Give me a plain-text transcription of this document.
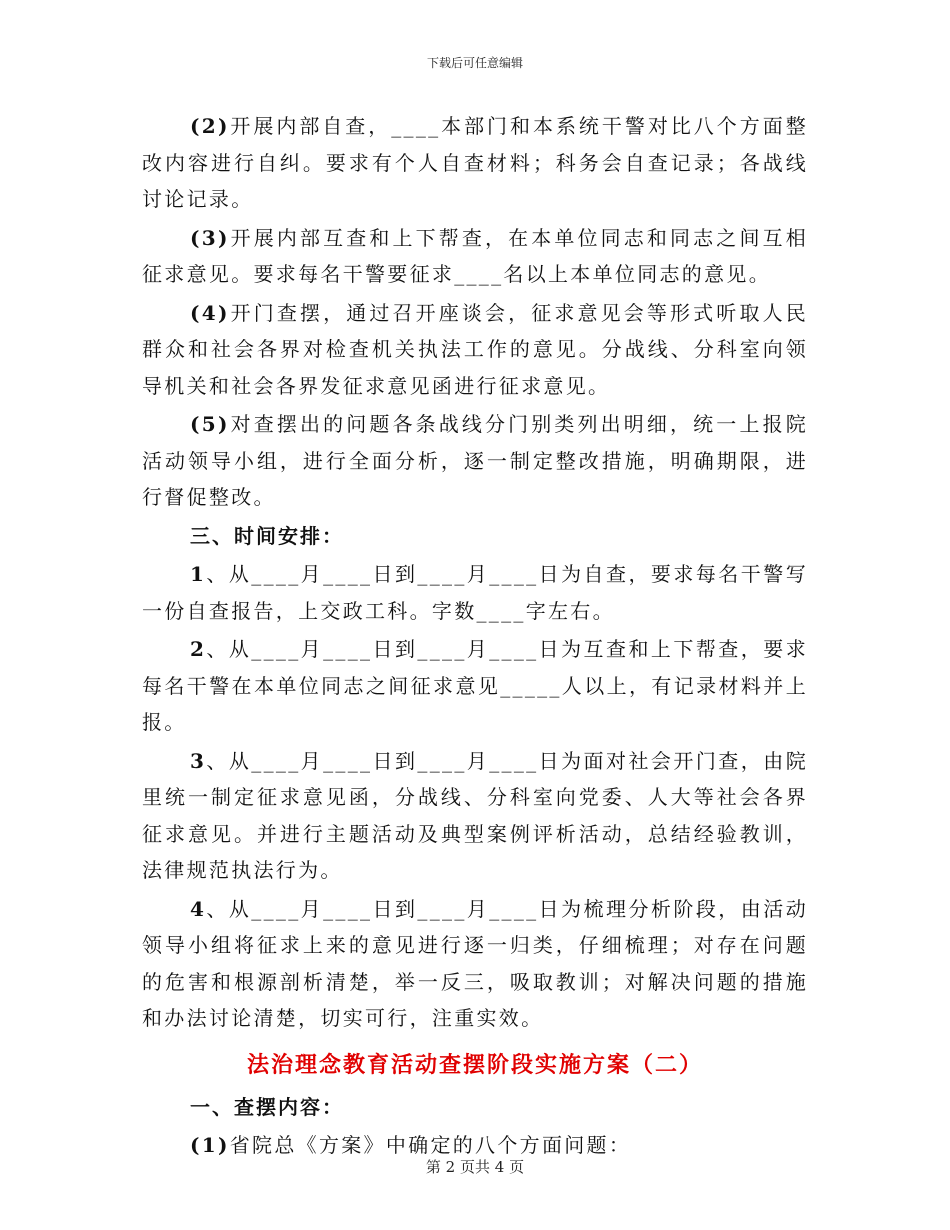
下载后可任意编辑

(2)开展内部自查，____本部门和本系统干警对比八个方面整改内容进行自纠。要求有个人自查材料；科务会自查记录；各战线讨论记录。

(3)开展内部互查和上下帮查，在本单位同志和同志之间互相征求意见。要求每名干警要征求____名以上本单位同志的意见。

(4)开门查摆，通过召开座谈会，征求意见会等形式听取人民群众和社会各界对检查机关执法工作的意见。分战线、分科室向领导机关和社会各界发征求意见函进行征求意见。

(5)对查摆出的问题各条战线分门别类列出明细，统一上报院活动领导小组，进行全面分析，逐一制定整改措施，明确期限，进行督促整改。

三、时间安排：

1、从____月____日到____月____日为自查，要求每名干警写一份自查报告，上交政工科。字数____字左右。

2、从____月____日到____月____日为互查和上下帮查，要求每名干警在本单位同志之间征求意见_____人以上，有记录材料并上报。

3、从____月____日到____月____日为面对社会开门查，由院里统一制定征求意见函，分战线、分科室向党委、人大等社会各界征求意见。并进行主题活动及典型案例评析活动，总结经验教训，法律规范执法行为。

4、从____月____日到____月____日为梳理分析阶段，由活动领导小组将征求上来的意见进行逐一归类，仔细梳理；对存在问题的危害和根源剖析清楚，举一反三，吸取教训；对解决问题的措施和办法讨论清楚，切实可行，注重实效。

法治理念教育活动查摆阶段实施方案（二）

一、查摆内容：

(1)省院总《方案》中确定的八个方面问题：

第 2 页共 4 页
